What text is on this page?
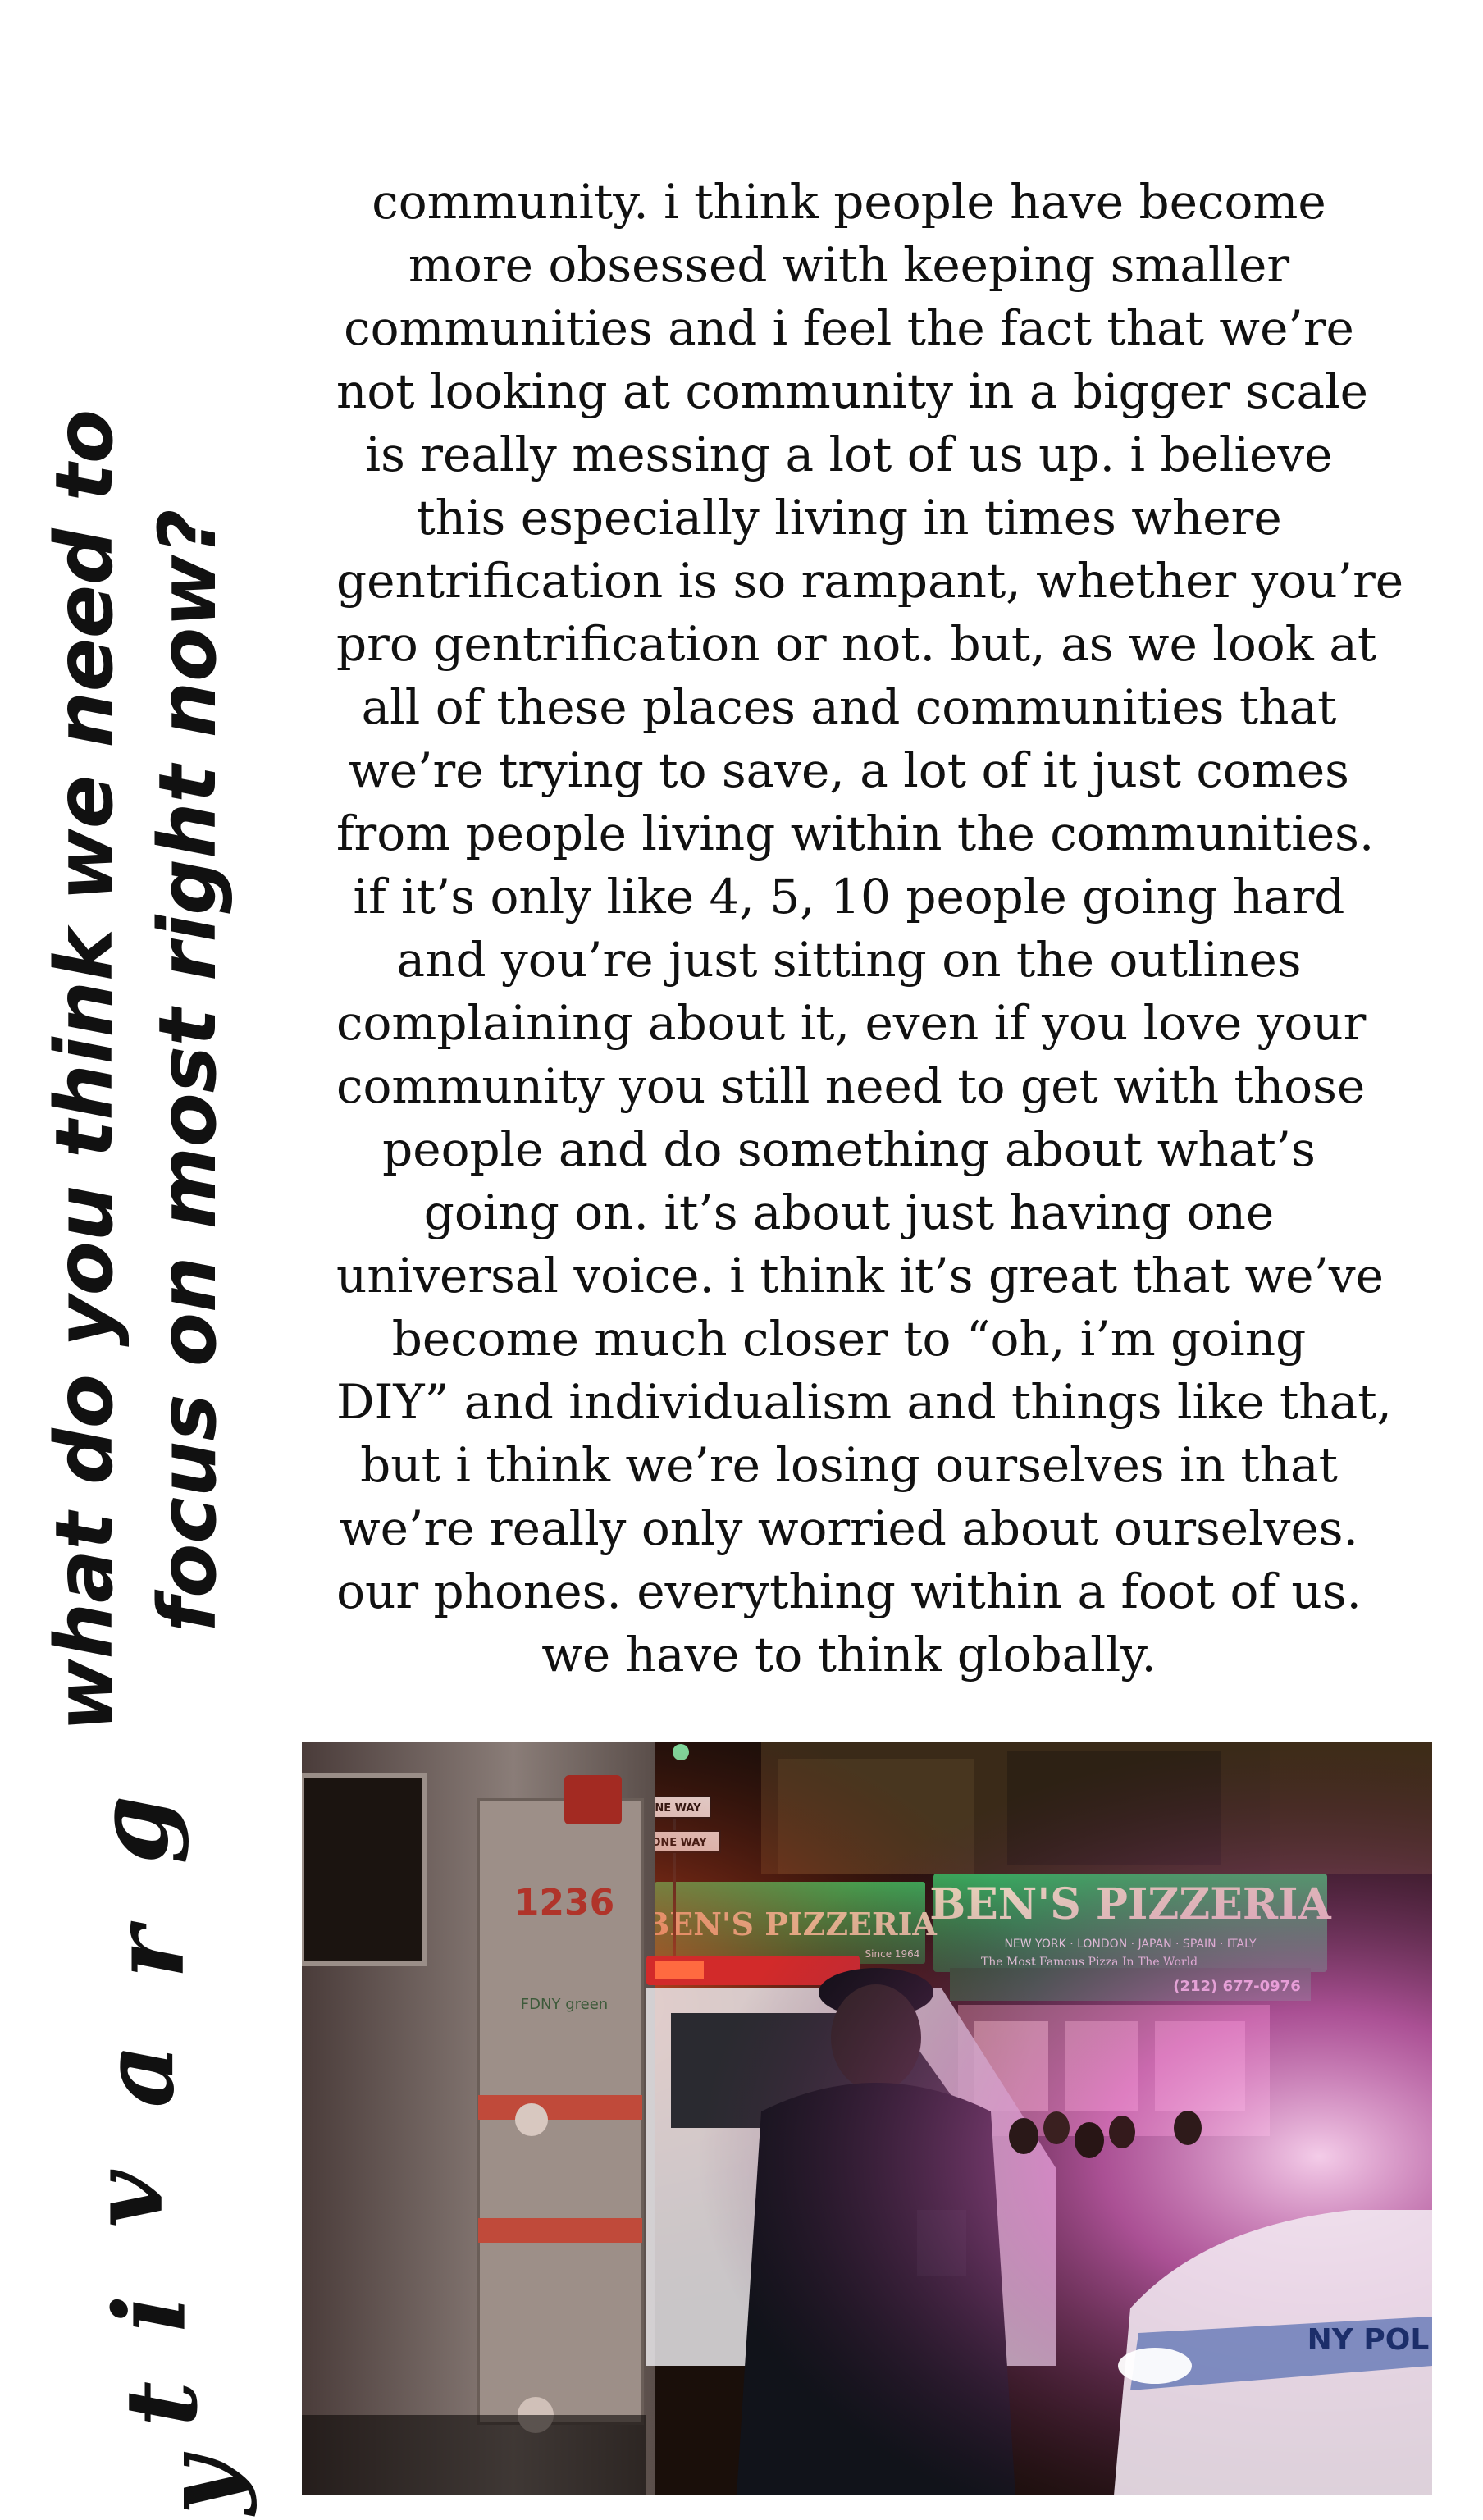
what do you think we need to focus on most right now?
community. i think people have become
more obsessed with keeping smaller
communities and i feel the fact that we’re
not looking at community in a bigger scale
is really messing a lot of us up. i believe
this especially living in times where
gentrification is so rampant, whether you’re
pro gentrification or not. but, as we look at
all of these places and communities that
we’re trying to save, a lot of it just comes
from people living within the communities.
if it’s only like 4, 5, 10 people going hard
and you’re just sitting on the outlines
complaining about it, even if you love your
community you still need to get with those
people and do something about what’s
going on. it’s about just having one
universal voice. i think it’s great that we’ve
become much closer to “oh, i’m going
DIY” and individualism and things like that,
but i think we’re losing ourselves in that
we’re really only worried about ourselves.
our phones. everything within a foot of us.
we have to think globally.
g
r
a
v
i
t
y
NY POL
